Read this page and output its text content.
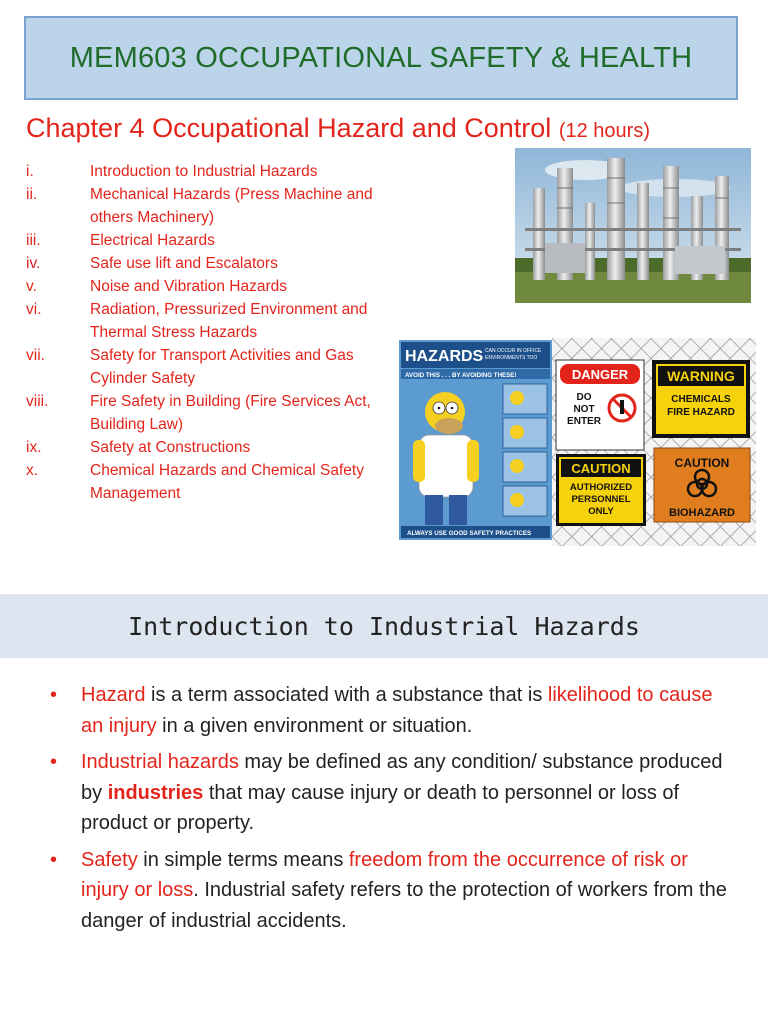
MEM603 OCCUPATIONAL SAFETY & HEALTH
Chapter 4 Occupational Hazard and Control (12 hours)
i.	Introduction to Industrial Hazards
ii.	Mechanical Hazards (Press Machine and
others Machinery)
iii.	Electrical Hazards
iv.	Safe use lift and Escalators
v.	Noise and Vibration Hazards
vi.	Radiation, Pressurized Environment and
Thermal Stress Hazards
vii.	Safety for Transport Activities and Gas
Cylinder Safety
viii.	Fire Safety in Building (Fire Services Act,
Building Law)
ix.	Safety at Constructions
x.	Chemical Hazards and Chemical Safety
Management
HAZARDS CAN OCCUR IN OFFICE
ENVIRONMENTS TOO
AVOID THIS . . . BY AVOIDING THESE!
ALWAYS USE GOOD SAFETY PRACTICES
DANGER
DO
NOT
ENTER
WARNING
CHEMICALS
FIRE HAZARD
CAUTION
AUTHORIZED
PERSONNEL
ONLY
CAUTION
BIOHAZARD
Introduction to Industrial Hazards
• Hazard is a term associated with a substance that is likelihood to cause an injury in a given environment or situation.
• Industrial hazards may be defined as any condition/ substance produced by industries that may cause injury or death to personnel or loss of product or property.
• Safety in simple terms means freedom from the occurrence of risk or injury or loss. Industrial safety refers to the protection of workers from the danger of industrial accidents.
